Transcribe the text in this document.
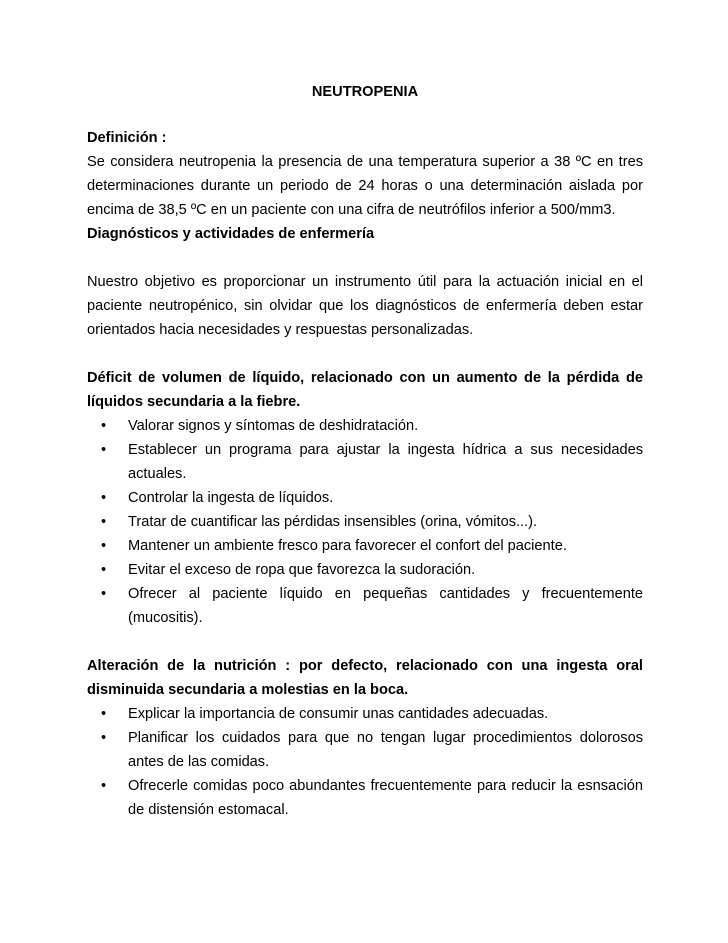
NEUTROPENIA

Definición :

Se considera neutropenia la presencia de una temperatura superior a 38 ºC en tres determinaciones durante un periodo de 24 horas o una determinación aislada por encima de 38,5 ºC en un paciente con una cifra de neutrófilos inferior a 500/mm3.

Diagnósticos y actividades de enfermería

Nuestro objetivo es proporcionar un instrumento útil para la actuación inicial en el paciente neutropénico, sin olvidar que los diagnósticos de enfermería deben estar orientados hacia necesidades y respuestas personalizadas.

Déficit de volumen de líquido, relacionado con un aumento de la pérdida de líquidos secundaria a la fiebre.

• Valorar signos y síntomas de deshidratación.
• Establecer un programa para ajustar la ingesta hídrica a sus necesidades actuales.
• Controlar la ingesta de líquidos.
• Tratar de cuantificar las pérdidas insensibles (orina, vómitos...).
• Mantener un ambiente fresco para favorecer el confort del paciente.
• Evitar el exceso de ropa que favorezca la sudoración.
• Ofrecer al paciente líquido en pequeñas cantidades y frecuentemente (mucositis).

Alteración de la nutrición : por defecto, relacionado con una ingesta oral disminuida secundaria a molestias en la boca.

• Explicar la importancia de consumir unas cantidades adecuadas.
• Planificar los cuidados para que no tengan lugar procedimientos dolorosos antes de las comidas.
• Ofrecerle comidas poco abundantes frecuentemente para reducir la esnsación de distensión estomacal.
